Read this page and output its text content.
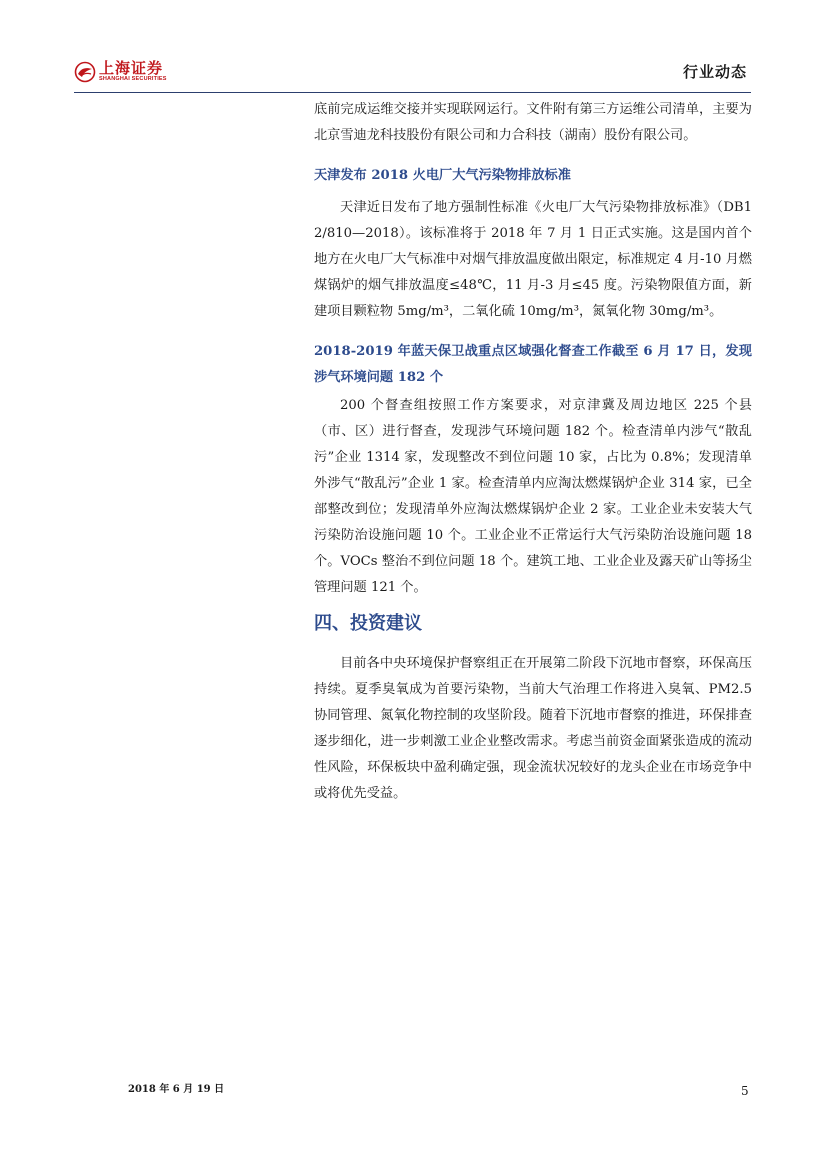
上海证券
SHANGHAI SECURITIES	行业动态

底前完成运维交接并实现联网运行。文件附有第三方运维公司清单，主要为北京雪迪龙科技股份有限公司和力合科技（湖南）股份有限公司。

天津发布 2018 火电厂大气污染物排放标准

天津近日发布了地方强制性标准《火电厂大气污染物排放标准》（DB12/810—2018）。该标准将于 2018 年 7 月 1 日正式实施。这是国内首个地方在火电厂大气标准中对烟气排放温度做出限定，标准规定 4 月-10 月燃煤锅炉的烟气排放温度≤48℃，11 月-3 月≤45 度。污染物限值方面，新建项目颗粒物 5mg/m³，二氧化硫 10mg/m³，氮氧化物 30mg/m³。

2018-2019 年蓝天保卫战重点区域强化督查工作截至 6 月 17 日，发现涉气环境问题 182 个

200 个督查组按照工作方案要求，对京津冀及周边地区 225 个县（市、区）进行督查，发现涉气环境问题 182 个。检查清单内涉气“散乱污”企业 1314 家，发现整改不到位问题 10 家，占比为 0.8%；发现清单外涉气“散乱污”企业 1 家。检查清单内应淘汰燃煤锅炉企业 314 家，已全部整改到位；发现清单外应淘汰燃煤锅炉企业 2 家。工业企业未安装大气污染防治设施问题 10 个。工业企业不正常运行大气污染防治设施问题 18 个。VOCs 整治不到位问题 18 个。建筑工地、工业企业及露天矿山等扬尘管理问题 121 个。

四、投资建议

目前各中央环境保护督察组正在开展第二阶段下沉地市督察，环保高压持续。夏季臭氧成为首要污染物，当前大气治理工作将进入臭氧、PM2.5 协同管理、氮氧化物控制的攻坚阶段。随着下沉地市督察的推进，环保排查逐步细化，进一步刺激工业企业整改需求。考虑当前资金面紧张造成的流动性风险，环保板块中盈利确定强，现金流状况较好的龙头企业在市场竞争中或将优先受益。

2018 年 6 月 19 日	5
